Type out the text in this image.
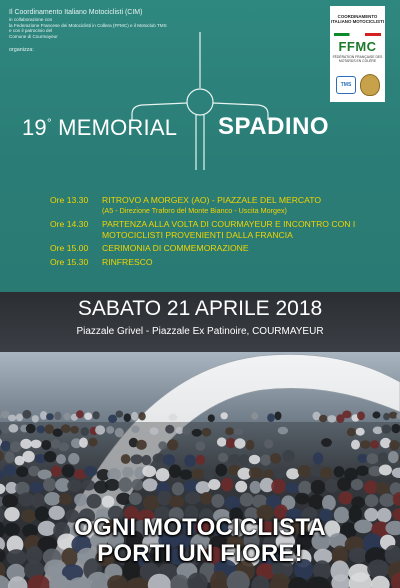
Il Coordinamento Italiano Motociclisti (CIM)
in collaborazione con
la Federazione Francese dei Motociclisti in Collera (FFMC) e il Motoclub TMS
e con il patrocinio del
Comune di Courmayeur
organizza:
COORDINAMENTO ITALIANO MOTOCICLISTI
FFMC
FÉDÉRATION FRANÇAISE DES MOTARDS EN COLÈRE
TMS
19° MEMORIAL SPADINO
Ore 13.30	RITROVO A MORGEX (AO) - PIAZZALE DEL MERCATO
(A5 - Direzione Traforo del Monte Bianco - Uscita Morgex)
Ore 14.30	PARTENZA ALLA VOLTA DI COURMAYEUR E INCONTRO CON I MOTOCICLISTI PROVENIENTI DALLA FRANCIA
Ore 15.00	CERIMONIA DI COMMEMORAZIONE
Ore 15.30	RINFRESCO
SABATO 21 APRILE 2018
Piazzale Grivel - Piazzale Ex Patinoire, COURMAYEUR
OGNI MOTOCICLISTA
PORTI UN FIORE!
